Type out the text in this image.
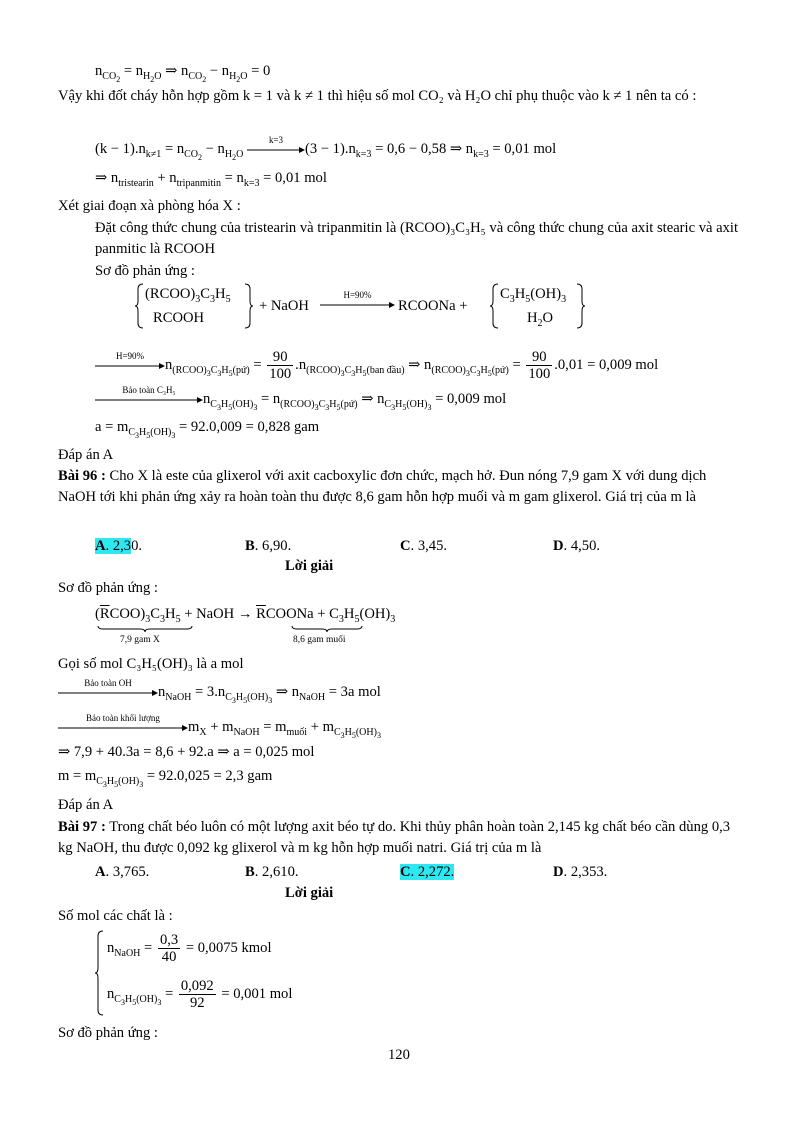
$n_{CO_2} = n_{H_2O}$ ⇒ $n_{CO_2} - n_{H_2O} = 0$
Vậy khi đốt cháy hỗn hợp gồm k = 1 và k ≠ 1 thì hiệu số mol CO₂ và H₂O chỉ phụ thuộc vào k ≠ 1 nên ta có :
$(k - 1).n_{k\ne 1} = n_{CO_2} - n_{H_2O}$
k=3
$(3 - 1).n_{k=3} = 0,6 - 0,58$ ⇒ $n_{k=3} = 0,01$ mol
⇒ $n_{tristearin} + n_{tripanmitin} = n_{k=3} = 0,01$ mol
Xét giai đoạn xà phòng hóa X :
Đặt công thức chung của tristearin và tripanmitin là (RCOO)₃C₃H₅ và công thức chung của axit stearic và axit panmitic là RCOOH
Sơ đồ phản ứng :
$(RCOO)_3C_3H_5$
RCOOH
+ NaOH
H=90%
RCOONa +
$C_3H_5(OH)_3$
$H_2O$
H=90%
$n_{(RCOO)_3C_3H_5(pứ)} = \frac{90}{100} .n_{(RCOO)_3C_3H_5(ban đầu)}$ ⇒ $n_{(RCOO)_3C_3H_5(pứ)} = \frac{90}{100} .0,01 = 0,009$ mol
Bảo toàn C₃H₅
$n_{C_3H_5(OH)_3} = n_{(RCOO)_3C_3H_5(pứ)}$ ⇒ $n_{C_3H_5(OH)_3} = 0,009$ mol
$a = m_{C_3H_5(OH)_3} = 92.0,009 = 0,828$ gam
Đáp án A
Bài 96 : Cho X là este của glixerol với axit cacboxylic đơn chức, mạch hở. Đun nóng 7,9 gam X với dung dịch NaOH tới khi phản ứng xảy ra hoàn toàn thu được 8,6 gam hỗn hợp muối và m gam glixerol. Giá trị của m là
A. 2,30.	B. 6,90.	C. 3,45.	D. 4,50.
Lời giải
Sơ đồ phản ứng :
$(\overline{R}COO)_3C_3H_5$ + NaOH → $\overline{R}COONa + C_3H_5(OH)_3$
7,9 gam X	8,6 gam muối
Gọi số mol C₃H₅(OH)₃ là a mol
Bảo toàn OH
$n_{NaOH} = 3.n_{C_3H_5(OH)_3}$ ⇒ $n_{NaOH} = 3a$ mol
Bảo toàn khối lượng
$m_X + m_{NaOH} = m_{muối} + m_{C_3H_5(OH)_3}$
⇒ 7,9 + 40.3a = 8,6 + 92.a ⇒ a = 0,025 mol
$m = m_{C_3H_5(OH)_3} = 92.0,025 = 2,3$ gam
Đáp án A
Bài 97 : Trong chất béo luôn có một lượng axit béo tự do. Khi thủy phân hoàn toàn 2,145 kg chất béo cần dùng 0,3 kg NaOH, thu được 0,092 kg glixerol và m kg hỗn hợp muối natri. Giá trị của m là
A. 3,765.	B. 2,610.	C. 2,272.	D. 2,353.
Lời giải
Số mol các chất là :
$n_{NaOH} = \frac{0,3}{40} = 0,0075$ kmol
$n_{C_3H_5(OH)_3} = \frac{0,092}{92} = 0,001$ mol
Sơ đồ phản ứng :
120
